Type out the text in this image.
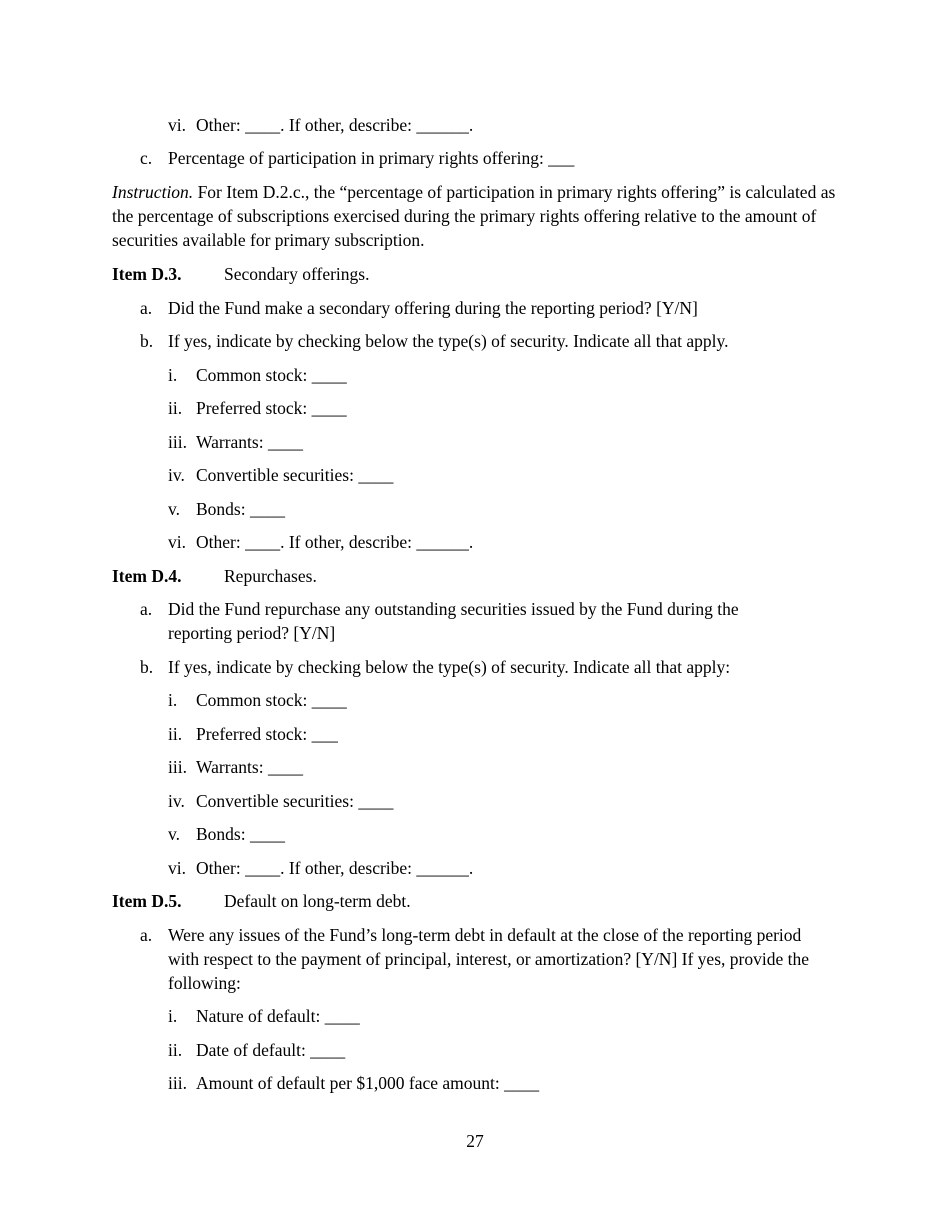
vi. Other: ____. If other, describe: ______.
c. Percentage of participation in primary rights offering: ___
Instruction. For Item D.2.c., the “percentage of participation in primary rights offering” is calculated as the percentage of subscriptions exercised during the primary rights offering relative to the amount of securities available for primary subscription.
Item D.3. Secondary offerings.
a. Did the Fund make a secondary offering during the reporting period? [Y/N]
b. If yes, indicate by checking below the type(s) of security. Indicate all that apply.
i. Common stock: ____
ii. Preferred stock: ____
iii. Warrants: ____
iv. Convertible securities: ____
v. Bonds: ____
vi. Other: ____. If other, describe: ______.
Item D.4. Repurchases.
a. Did the Fund repurchase any outstanding securities issued by the Fund during the reporting period? [Y/N]
b. If yes, indicate by checking below the type(s) of security. Indicate all that apply:
i. Common stock: ____
ii. Preferred stock: ___
iii. Warrants: ____
iv. Convertible securities: ____
v. Bonds: ____
vi. Other: ____. If other, describe: ______.
Item D.5. Default on long-term debt.
a. Were any issues of the Fund’s long-term debt in default at the close of the reporting period with respect to the payment of principal, interest, or amortization? [Y/N] If yes, provide the following:
i. Nature of default: ____
ii. Date of default: ____
iii. Amount of default per $1,000 face amount: ____
27
